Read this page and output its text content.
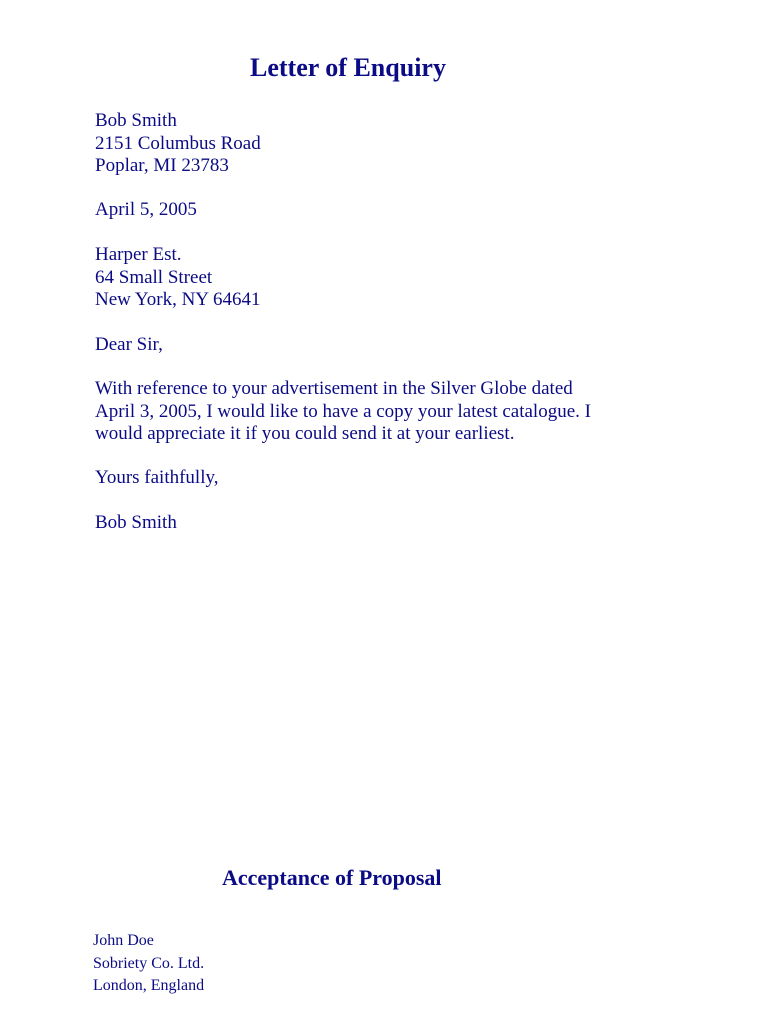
Letter of Enquiry
Bob Smith
2151 Columbus Road
Poplar, MI 23783
April 5, 2005
Harper Est.
64 Small Street
New York, NY 64641
Dear Sir,
With reference to your advertisement in the Silver Globe dated
April 3, 2005, I would like to have a copy your latest catalogue. I
would appreciate it if you could send it at your earliest.
Yours faithfully,
Bob Smith
Acceptance of Proposal
John Doe
Sobriety Co. Ltd.
London, England
